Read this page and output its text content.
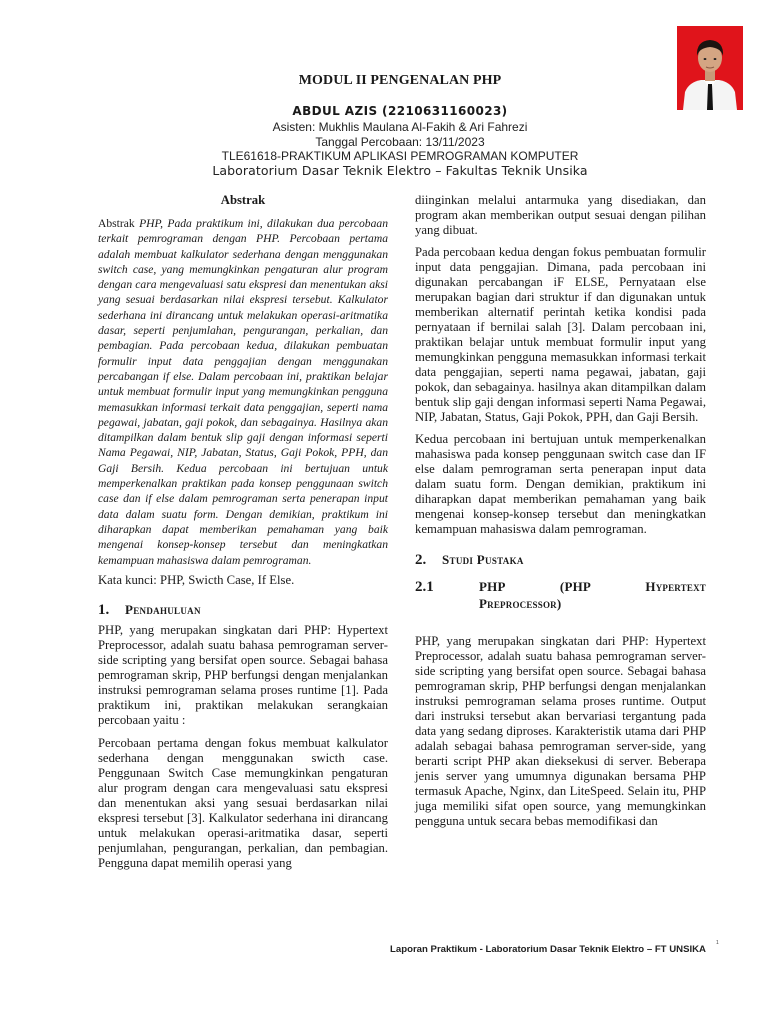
MODUL II PENGENALAN PHP
ABDUL AZIS (2210631160023)
Asisten: Mukhlis Maulana Al-Fakih & Ari Fahrezi
Tanggal Percobaan: 13/11/2023
TLE61618-PRAKTIKUM APLIKASI PEMROGRAMAN KOMPUTER
Laboratorium Dasar Teknik Elektro – Fakultas Teknik Unsika
Abstrak

Abstrak PHP, Pada praktikum ini, dilakukan dua percobaan terkait pemrograman dengan PHP. Percobaan pertama adalah membuat kalkulator sederhana dengan menggunakan switch case, yang memungkinkan pengaturan alur program dengan cara mengevaluasi satu ekspresi dan menentukan aksi yang sesuai berdasarkan nilai ekspresi tersebut. Kalkulator sederhana ini dirancang untuk melakukan operasi-aritmatika dasar, seperti penjumlahan, pengurangan, perkalian, dan pembagian. Pada percobaan kedua, dilakukan pembuatan formulir input data penggajian dengan menggunakan percabangan if else. Dalam percobaan ini, praktikan belajar untuk membuat formulir input yang memungkinkan pengguna memasukkan informasi terkait data penggajian, seperti nama pegawai, jabatan, gaji pokok, dan sebagainya. Hasilnya akan ditampilkan dalam bentuk slip gaji dengan informasi seperti Nama Pegawai, NIP, Jabatan, Status, Gaji Pokok, PPH, dan Gaji Bersih. Kedua percobaan ini bertujuan untuk memperkenalkan praktikan pada konsep penggunaan switch case dan if else dalam pemrograman serta penerapan input data dalam suatu form. Dengan demikian, praktikum ini diharapkan dapat memberikan pemahaman yang baik mengenai konsep-konsep tersebut dan meningkatkan kemampuan mahasiswa dalam pemrograman.

Kata kunci: PHP, Swicth Case, If Else.

1.	Pendahuluan

PHP, yang merupakan singkatan dari PHP: Hypertext Preprocessor, adalah suatu bahasa pemrograman server-side scripting yang bersifat open source. Sebagai bahasa pemrograman skrip, PHP berfungsi dengan menjalankan instruksi pemrograman selama proses runtime [1]. Pada praktikum ini, praktikan melakukan serangkaian percobaan yaitu :

Percobaan pertama dengan fokus membuat kalkulator sederhana dengan menggunakan swicth case. Penggunaan Switch Case memungkinkan pengaturan alur program dengan cara mengevaluasi satu ekspresi dan menentukan aksi yang sesuai berdasarkan nilai ekspresi tersebut [3]. Kalkulator sederhana ini dirancang untuk melakukan operasi-aritmatika dasar, seperti penjumlahan, pengurangan, perkalian, dan pembagian. Pengguna dapat memilih operasi yang

diinginkan melalui antarmuka yang disediakan, dan program akan memberikan output sesuai dengan pilihan yang dibuat.

Pada percobaan kedua dengan fokus pembuatan formulir input data penggajian. Dimana, pada percobaan ini digunakan percabangan iF ELSE, Pernyataan else merupakan bagian dari struktur if dan digunakan untuk memberikan alternatif perintah ketika kondisi pada pernyataan if bernilai salah [3]. Dalam percobaan ini, praktikan belajar untuk membuat formulir input yang memungkinkan pengguna memasukkan informasi terkait data penggajian, seperti nama pegawai, jabatan, gaji pokok, dan sebagainya. hasilnya akan ditampilkan dalam bentuk slip gaji dengan informasi seperti Nama Pegawai, NIP, Jabatan, Status, Gaji Pokok, PPH, dan Gaji Bersih.

Kedua percobaan ini bertujuan untuk memperkenalkan mahasiswa pada konsep penggunaan switch case dan IF else dalam pemrograman serta penerapan input data dalam suatu form. Dengan demikian, praktikum ini diharapkan dapat memberikan pemahaman yang baik mengenai konsep-konsep tersebut dan meningkatkan kemampuan mahasiswa dalam pemrograman.

2.	Studi Pustaka
2.1	PHP (PHP Hypertext
Preprocessor)

PHP, yang merupakan singkatan dari PHP: Hypertext Preprocessor, adalah suatu bahasa pemrograman server-side scripting yang bersifat open source. Sebagai bahasa pemrograman skrip, PHP berfungsi dengan menjalankan instruksi pemrograman selama proses runtime. Output dari instruksi tersebut akan bervariasi tergantung pada data yang sedang diproses. Karakteristik utama dari PHP adalah sebagai bahasa pemrograman server-side, yang berarti script PHP akan dieksekusi di server. Beberapa jenis server yang umumnya digunakan bersama PHP termasuk Apache, Nginx, dan LiteSpeed. Selain itu, PHP juga memiliki sifat open source, yang memungkinkan pengguna untuk secara bebas memodifikasi dan

Laporan Praktikum - Laboratorium Dasar Teknik Elektro – FT UNSIKA
1
